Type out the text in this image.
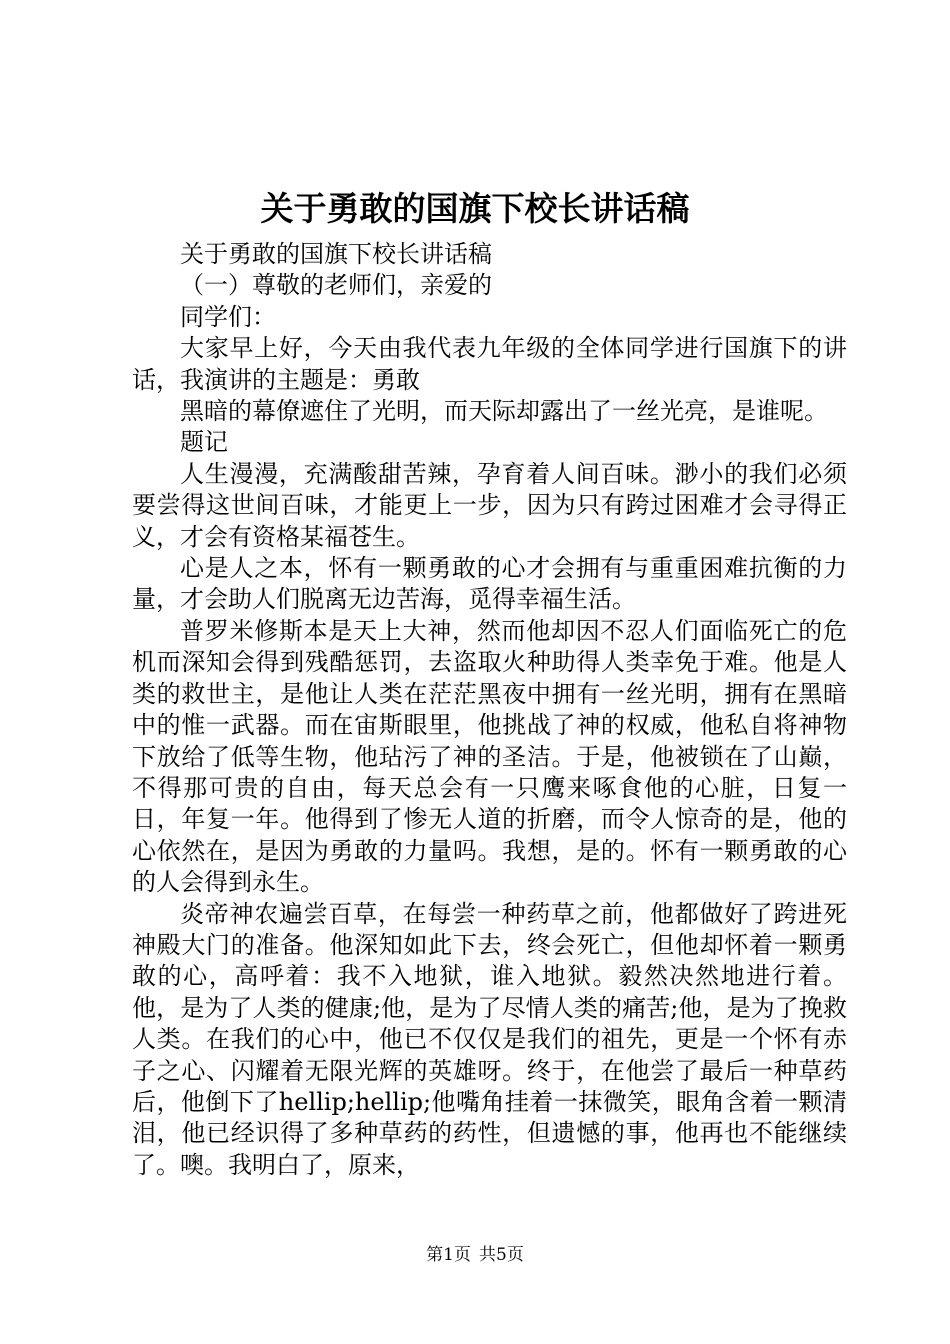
关于勇敢的国旗下校长讲话稿

关于勇敢的国旗下校长讲话稿

（一）尊敬的老师们，亲爱的

同学们：

大家早上好，今天由我代表九年级的全体同学进行国旗下的讲话，我演讲的主题是：勇敢

黑暗的幕僚遮住了光明，而天际却露出了一丝光亮，是谁呢。

题记

人生漫漫，充满酸甜苦辣，孕育着人间百味。渺小的我们必须要尝得这世间百味，才能更上一步，因为只有跨过困难才会寻得正义，才会有资格某福苍生。

心是人之本，怀有一颗勇敢的心才会拥有与重重困难抗衡的力量，才会助人们脱离无边苦海，觅得幸福生活。

普罗米修斯本是天上大神，然而他却因不忍人们面临死亡的危机而深知会得到残酷惩罚，去盗取火种助得人类幸免于难。他是人类的救世主，是他让人类在茫茫黑夜中拥有一丝光明，拥有在黑暗中的惟一武器。而在宙斯眼里，他挑战了神的权威，他私自将神物下放给了低等生物，他玷污了神的圣洁。于是，他被锁在了山巅，不得那可贵的自由，每天总会有一只鹰来啄食他的心脏，日复一日，年复一年。他得到了惨无人道的折磨，而令人惊奇的是，他的心依然在，是因为勇敢的力量吗。我想，是的。怀有一颗勇敢的心的人会得到永生。

炎帝神农遍尝百草，在每尝一种药草之前，他都做好了跨进死神殿大门的准备。他深知如此下去，终会死亡，但他却怀着一颗勇敢的心，高呼着：我不入地狱，谁入地狱。毅然决然地进行着。他，是为了人类的健康;他，是为了尽情人类的痛苦;他，是为了挽救人类。在我们的心中，他已不仅仅是我们的祖先，更是一个怀有赤子之心、闪耀着无限光辉的英雄呀。终于，在他尝了最后一种草药后，他倒下了hellip;hellip;他嘴角挂着一抹微笑，眼角含着一颗清泪，他已经识得了多种草药的药性，但遗憾的事，他再也不能继续了。噢。我明白了，原来，

第1页 共5页
